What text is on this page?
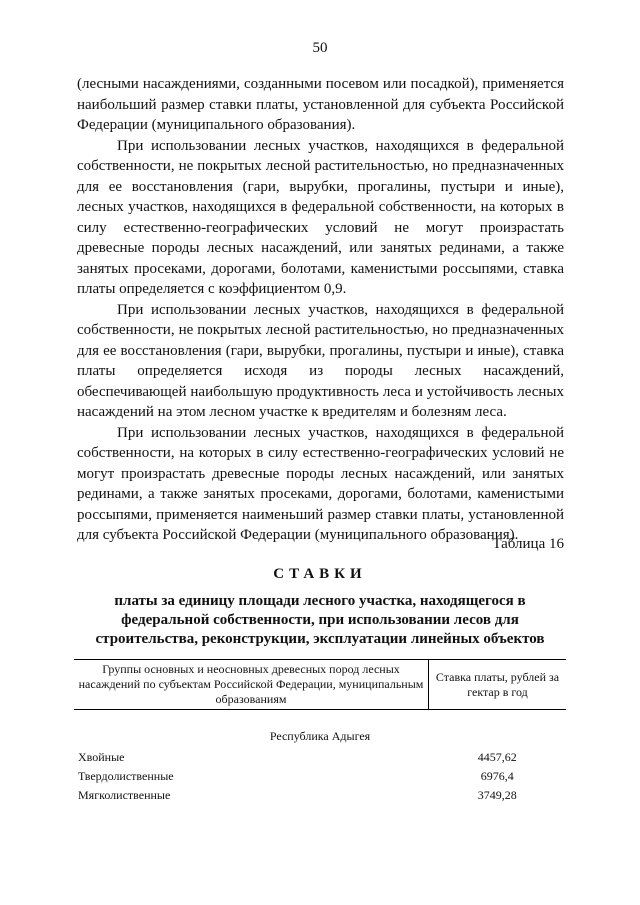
50

(лесными насаждениями, созданными посевом или посадкой), применяется наибольший размер ставки платы, установленной для субъекта Российской Федерации (муниципального образования).

При использовании лесных участков, находящихся в федеральной собственности, не покрытых лесной растительностью, но предназначенных для ее восстановления (гари, вырубки, прогалины, пустыри и иные), лесных участков, находящихся в федеральной собственности, на которых в силу естественно-географических условий не могут произрастать древесные породы лесных насаждений, или занятых рединами, а также занятых просеками, дорогами, болотами, каменистыми россыпями, ставка платы определяется с коэффициентом 0,9.

При использовании лесных участков, находящихся в федеральной собственности, не покрытых лесной растительностью, но предназначенных для ее восстановления (гари, вырубки, прогалины, пустыри и иные), ставка платы определяется исходя из породы лесных насаждений, обеспечивающей наибольшую продуктивность леса и устойчивость лесных насаждений на этом лесном участке к вредителям и болезням леса.

При использовании лесных участков, находящихся в федеральной собственности, на которых в силу естественно-географических условий не могут произрастать древесные породы лесных насаждений, или занятых рединами, а также занятых просеками, дорогами, болотами, каменистыми россыпями, применяется наименьший размер ставки платы, установленной для субъекта Российской Федерации (муниципального образования).

Таблица 16
СТАВКИ
платы за единицу площади лесного участка, находящегося в федеральной собственности, при использовании лесов для строительства, реконструкции, эксплуатации линейных объектов
Группы основных и неосновных древесных пород лесных насаждений по субъектам Российской Федерации, муниципальным образованиям	Ставка платы, рублей за гектар в год
Республика Адыгея	
Хвойные	4457,62
Твердолиственные	6976,4
Мягколиственные	3749,28
